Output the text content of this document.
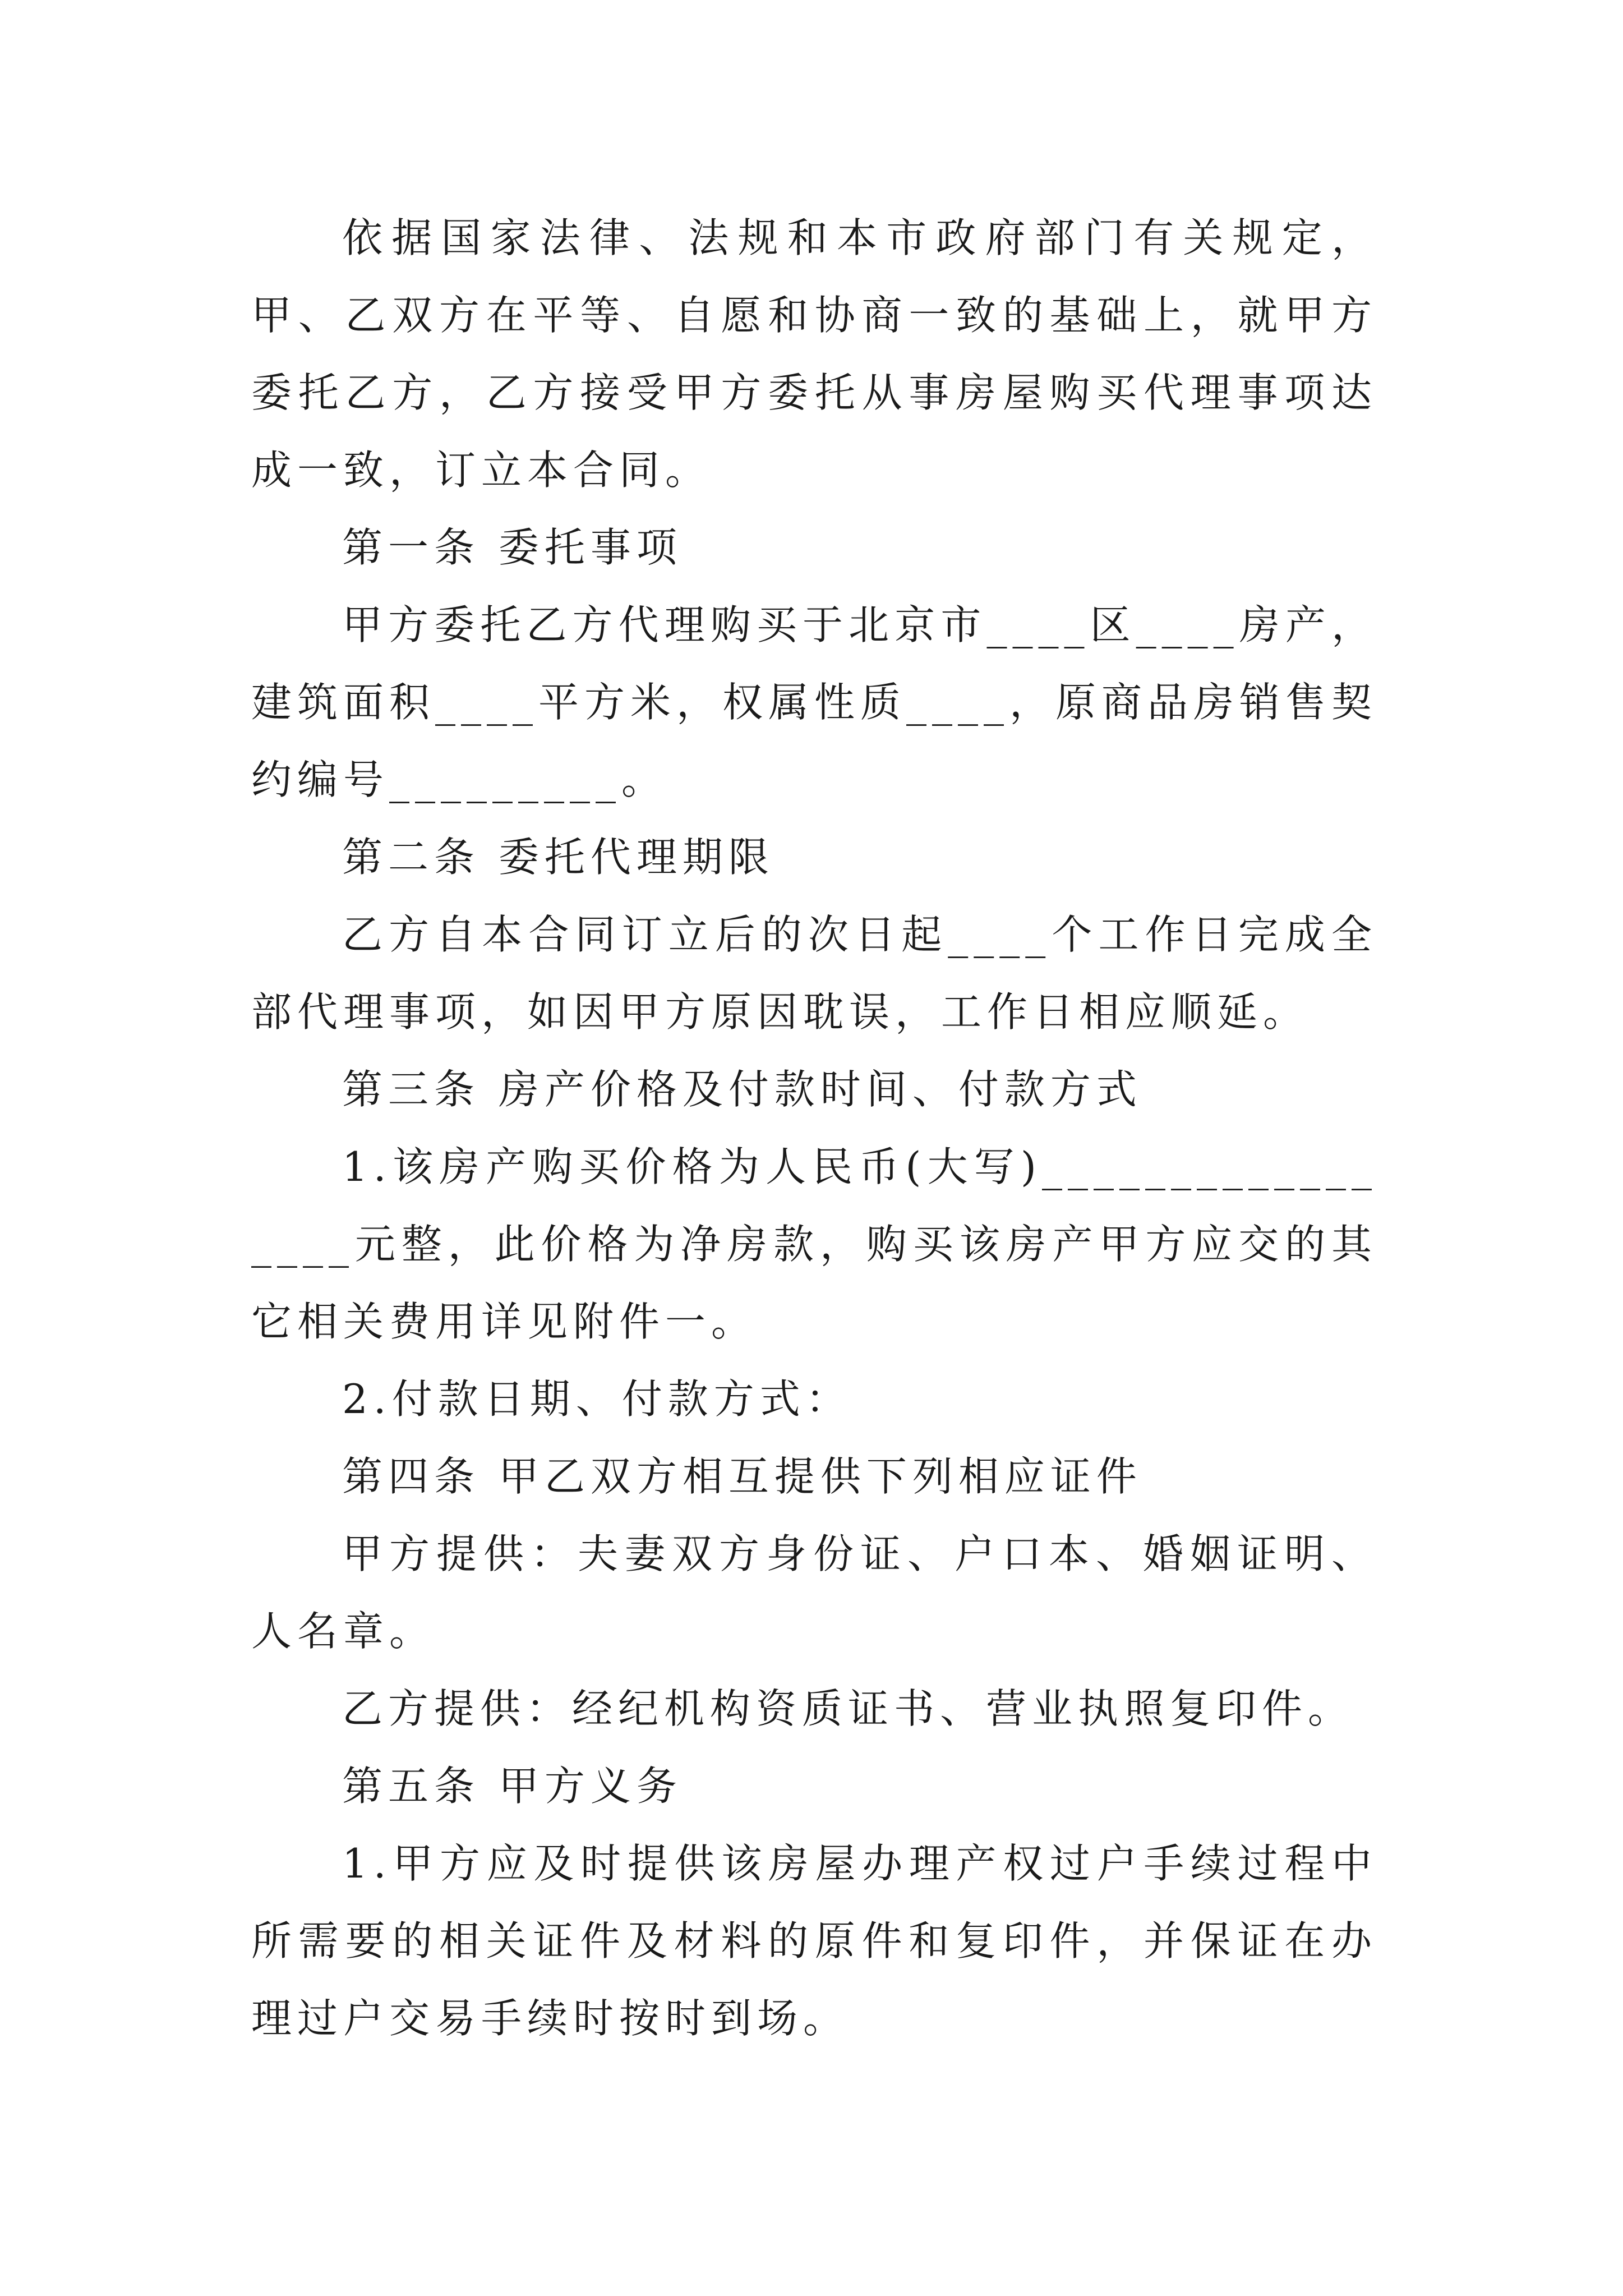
依据国家法律、法规和本市政府部门有关规定，甲、乙双方在平等、自愿和协商一致的基础上，就甲方委托乙方，乙方接受甲方委托从事房屋购买代理事项达成一致，订立本合同。

第一条 委托事项

甲方委托乙方代理购买于北京市____区____房产，建筑面积____平方米，权属性质____，原商品房销售契约编号_________。

第二条 委托代理期限

乙方自本合同订立后的次日起____个工作日完成全部代理事项，如因甲方原因耽误，工作日相应顺延。

第三条 房产价格及付款时间、付款方式

1.该房产购买价格为人民币(大写)_________________元整，此价格为净房款，购买该房产甲方应交的其它相关费用详见附件一。

2.付款日期、付款方式：

第四条 甲乙双方相互提供下列相应证件

甲方提供：夫妻双方身份证、户口本、婚姻证明、人名章。

乙方提供：经纪机构资质证书、营业执照复印件。

第五条 甲方义务

1.甲方应及时提供该房屋办理产权过户手续过程中所需要的相关证件及材料的原件和复印件，并保证在办理过户交易手续时按时到场。
